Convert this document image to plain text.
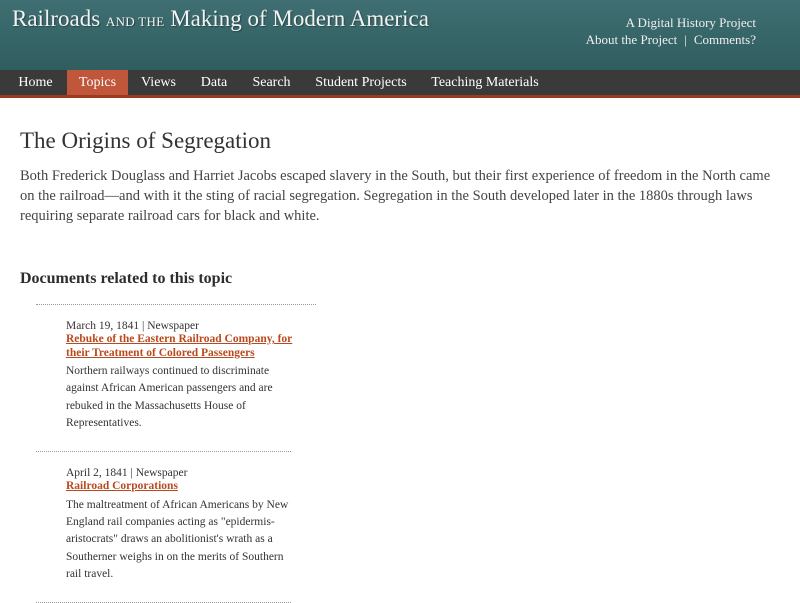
Railroads AND THE Making of Modern America	A Digital History Project
About the Project | Comments?
Home	Topics	Views	Data	Search	Student Projects	Teaching Materials
The Origins of Segregation

Both Frederick Douglass and Harriet Jacobs escaped slavery in the South, but their first experience of freedom in the North came on the railroad—and with it the sting of racial segregation. Segregation in the South developed later in the 1880s through laws requiring separate railroad cars for black and white.

Documents related to this topic
March 19, 1841 | Newspaper
Rebuke of the Eastern Railroad Company, for their Treatment of Colored Passengers
Northern railways continued to discriminate against African American passengers and are rebuked in the Massachusetts House of Representatives.
April 2, 1841 | Newspaper
Railroad Corporations
The maltreatment of African Americans by New England rail companies acting as "epidermis-aristocrats" draws an abolitionist's wrath as a Southerner weighs in on the merits of Southern rail travel.
